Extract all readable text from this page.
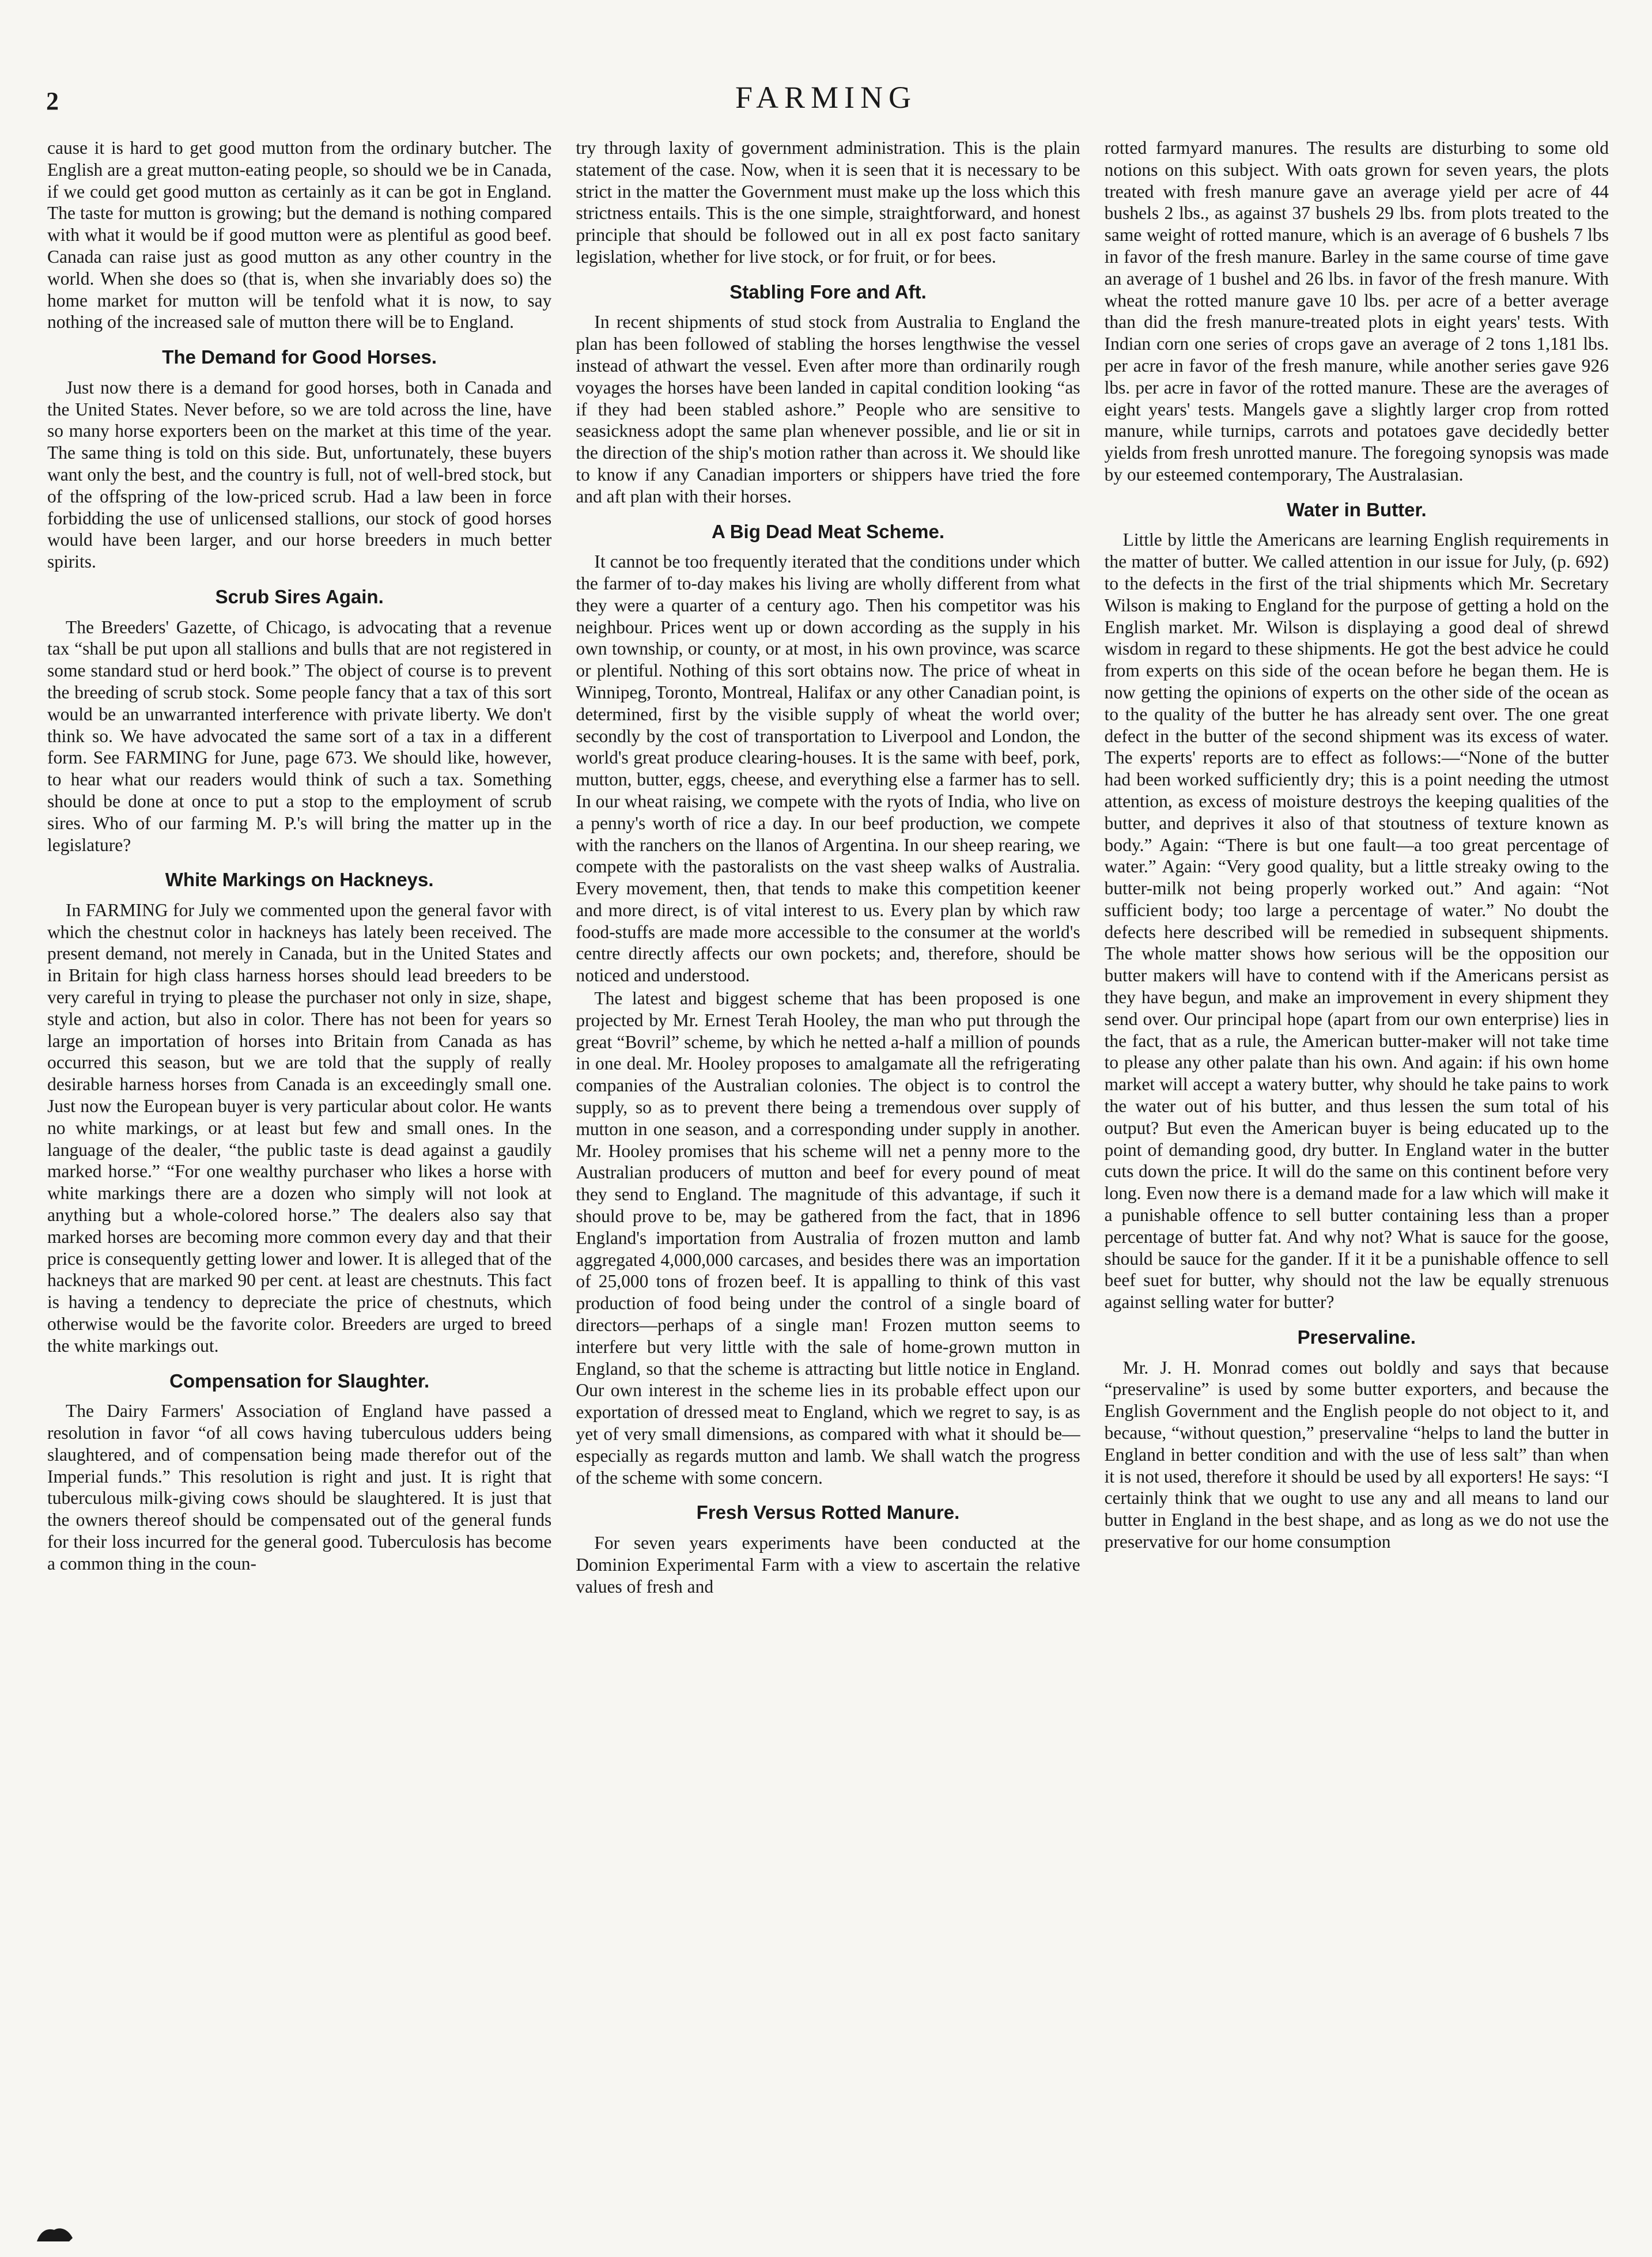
2	FARMING

cause it is hard to get good mutton from the ordinary butcher. The English are a great mutton-eating people, so should we be in Canada, if we could get good mutton as certainly as it can be got in England. The taste for mutton is growing; but the demand is nothing compared with what it would be if good mutton were as plentiful as good beef. Canada can raise just as good mutton as any other country in the world. When she does so (that is, when she invariably does so) the home market for mutton will be tenfold what it is now, to say nothing of the increased sale of mutton there will be to England.

The Demand for Good Horses.

Just now there is a demand for good horses, both in Canada and the United States. Never before, so we are told across the line, have so many horse exporters been on the market at this time of the year. The same thing is told on this side. But, unfortunately, these buyers want only the best, and the country is full, not of well-bred stock, but of the offspring of the low-priced scrub. Had a law been in force forbidding the use of unlicensed stallions, our stock of good horses would have been larger, and our horse breeders in much better spirits.

Scrub Sires Again.

The Breeders' Gazette, of Chicago, is advocating that a revenue tax “shall be put upon all stallions and bulls that are not registered in some standard stud or herd book.” The object of course is to prevent the breeding of scrub stock. Some people fancy that a tax of this sort would be an unwarranted interference with private liberty. We don't think so. We have advocated the same sort of a tax in a different form. See FARMING for June, page 673. We should like, however, to hear what our readers would think of such a tax. Something should be done at once to put a stop to the employment of scrub sires. Who of our farming M. P.'s will bring the matter up in the legislature?

White Markings on Hackneys.

In FARMING for July we commented upon the general favor with which the chestnut color in hackneys has lately been received. The present demand, not merely in Canada, but in the United States and in Britain for high class harness horses should lead breeders to be very careful in trying to please the purchaser not only in size, shape, style and action, but also in color. There has not been for years so large an importation of horses into Britain from Canada as has occurred this season, but we are told that the supply of really desirable harness horses from Canada is an exceedingly small one. Just now the European buyer is very particular about color. He wants no white markings, or at least but few and small ones. In the language of the dealer, “the public taste is dead against a gaudily marked horse.” “For one wealthy purchaser who likes a horse with white markings there are a dozen who simply will not look at anything but a whole-colored horse.” The dealers also say that marked horses are becoming more common every day and that their price is consequently getting lower and lower. It is alleged that of the hackneys that are marked 90 per cent. at least are chestnuts. This fact is having a tendency to depreciate the price of chestnuts, which otherwise would be the favorite color. Breeders are urged to breed the white markings out.

Compensation for Slaughter.

The Dairy Farmers' Association of England have passed a resolution in favor “of all cows having tuberculous udders being slaughtered, and of compensation being made therefor out of the Imperial funds.” This resolution is right and just. It is right that tuberculous milk-giving cows should be slaughtered. It is just that the owners thereof should be compensated out of the general funds for their loss incurred for the general good. Tuberculosis has become a common thing in the coun-

try through laxity of government administration. This is the plain statement of the case. Now, when it is seen that it is necessary to be strict in the matter the Government must make up the loss which this strictness entails. This is the one simple, straightforward, and honest principle that should be followed out in all ex post facto sanitary legislation, whether for live stock, or for fruit, or for bees.

Stabling Fore and Aft.

In recent shipments of stud stock from Australia to England the plan has been followed of stabling the horses lengthwise the vessel instead of athwart the vessel. Even after more than ordinarily rough voyages the horses have been landed in capital condition looking “as if they had been stabled ashore.” People who are sensitive to seasickness adopt the same plan whenever possible, and lie or sit in the direction of the ship's motion rather than across it. We should like to know if any Canadian importers or shippers have tried the fore and aft plan with their horses.

A Big Dead Meat Scheme.

It cannot be too frequently iterated that the conditions under which the farmer of to-day makes his living are wholly different from what they were a quarter of a century ago. Then his competitor was his neighbour. Prices went up or down according as the supply in his own township, or county, or at most, in his own province, was scarce or plentiful. Nothing of this sort obtains now. The price of wheat in Winnipeg, Toronto, Montreal, Halifax or any other Canadian point, is determined, first by the visible supply of wheat the world over; secondly by the cost of transportation to Liverpool and London, the world's great produce clearing-houses. It is the same with beef, pork, mutton, butter, eggs, cheese, and everything else a farmer has to sell. In our wheat raising, we compete with the ryots of India, who live on a penny's worth of rice a day. In our beef production, we compete with the ranchers on the llanos of Argentina. In our sheep rearing, we compete with the pastoralists on the vast sheep walks of Australia. Every movement, then, that tends to make this competition keener and more direct, is of vital interest to us. Every plan by which raw food-stuffs are made more accessible to the consumer at the world's centre directly affects our own pockets; and, therefore, should be noticed and understood.

The latest and biggest scheme that has been proposed is one projected by Mr. Ernest Terah Hooley, the man who put through the great “Bovril” scheme, by which he netted a-half a million of pounds in one deal. Mr. Hooley proposes to amalgamate all the refrigerating companies of the Australian colonies. The object is to control the supply, so as to prevent there being a tremendous over supply of mutton in one season, and a corresponding under supply in another. Mr. Hooley promises that his scheme will net a penny more to the Australian producers of mutton and beef for every pound of meat they send to England. The magnitude of this advantage, if such it should prove to be, may be gathered from the fact, that in 1896 England's importation from Australia of frozen mutton and lamb aggregated 4,000,000 carcases, and besides there was an importation of 25,000 tons of frozen beef. It is appalling to think of this vast production of food being under the control of a single board of directors—perhaps of a single man! Frozen mutton seems to interfere but very little with the sale of home-grown mutton in England, so that the scheme is attracting but little notice in England. Our own interest in the scheme lies in its probable effect upon our exportation of dressed meat to England, which we regret to say, is as yet of very small dimensions, as compared with what it should be—especially as regards mutton and lamb. We shall watch the progress of the scheme with some concern.

Fresh Versus Rotted Manure.

For seven years experiments have been conducted at the Dominion Experimental Farm with a view to ascertain the relative values of fresh and

rotted farmyard manures. The results are disturbing to some old notions on this subject. With oats grown for seven years, the plots treated with fresh manure gave an average yield per acre of 44 bushels 2 lbs., as against 37 bushels 29 lbs. from plots treated to the same weight of rotted manure, which is an average of 6 bushels 7 lbs in favor of the fresh manure. Barley in the same course of time gave an average of 1 bushel and 26 lbs. in favor of the fresh manure. With wheat the rotted manure gave 10 lbs. per acre of a better average than did the fresh manure-treated plots in eight years' tests. With Indian corn one series of crops gave an average of 2 tons 1,181 lbs. per acre in favor of the fresh manure, while another series gave 926 lbs. per acre in favor of the rotted manure. These are the averages of eight years' tests. Mangels gave a slightly larger crop from rotted manure, while turnips, carrots and potatoes gave decidedly better yields from fresh unrotted manure. The foregoing synopsis was made by our esteemed contemporary, The Australasian.

Water in Butter.

Little by little the Americans are learning English requirements in the matter of butter. We called attention in our issue for July, (p. 692) to the defects in the first of the trial shipments which Mr. Secretary Wilson is making to England for the purpose of getting a hold on the English market. Mr. Wilson is displaying a good deal of shrewd wisdom in regard to these shipments. He got the best advice he could from experts on this side of the ocean before he began them. He is now getting the opinions of experts on the other side of the ocean as to the quality of the butter he has already sent over. The one great defect in the butter of the second shipment was its excess of water. The experts' reports are to effect as follows:—“None of the butter had been worked sufficiently dry; this is a point needing the utmost attention, as excess of moisture destroys the keeping qualities of the butter, and deprives it also of that stoutness of texture known as body.” Again: “There is but one fault—a too great percentage of water.” Again: “Very good quality, but a little streaky owing to the butter-milk not being properly worked out.” And again: “Not sufficient body; too large a percentage of water.” No doubt the defects here described will be remedied in subsequent shipments. The whole matter shows how serious will be the opposition our butter makers will have to contend with if the Americans persist as they have begun, and make an improvement in every shipment they send over. Our principal hope (apart from our own enterprise) lies in the fact, that as a rule, the American butter-maker will not take time to please any other palate than his own. And again: if his own home market will accept a watery butter, why should he take pains to work the water out of his butter, and thus lessen the sum total of his output? But even the American buyer is being educated up to the point of demanding good, dry butter. In England water in the butter cuts down the price. It will do the same on this continent before very long. Even now there is a demand made for a law which will make it a punishable offence to sell butter containing less than a proper percentage of butter fat. And why not? What is sauce for the goose, should be sauce for the gander. If it it be a punishable offence to sell beef suet for butter, why should not the law be equally strenuous against selling water for butter?

Preservaline.

Mr. J. H. Monrad comes out boldly and says that because “preservaline” is used by some butter exporters, and because the English Government and the English people do not object to it, and because, “without question,” preservaline “helps to land the butter in England in better condition and with the use of less salt” than when it is not used, therefore it should be used by all exporters! He says: “I certainly think that we ought to use any and all means to land our butter in England in the best shape, and as long as we do not use the preservative for our home consumption
